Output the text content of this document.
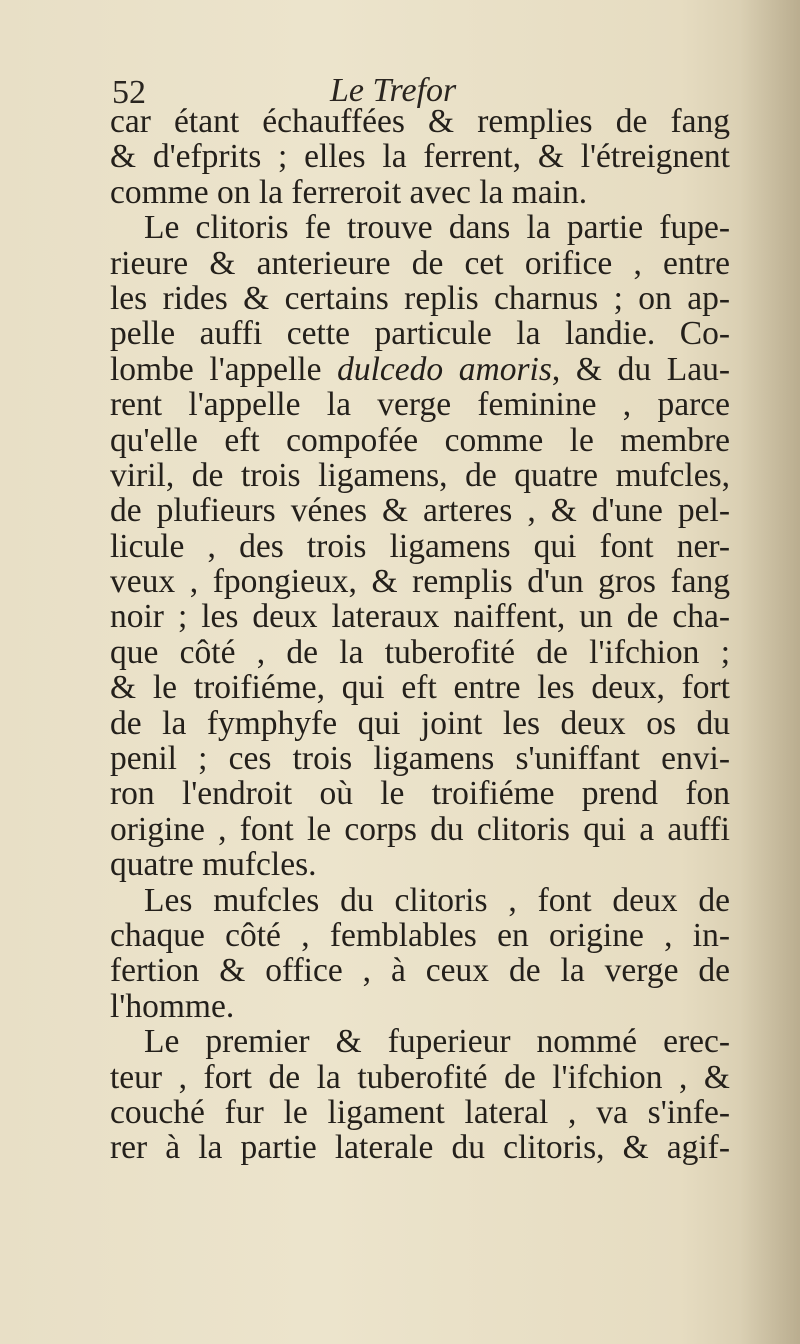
52	Le Trefor
car étant échauffées & remplies de fang
& d'efprits ; elles la ferrent, & l'étreignent
comme on la ferreroit avec la main.
Le clitoris fe trouve dans la partie fupe-
rieure & anterieure de cet orifice , entre
les rides & certains replis charnus ; on ap-
pelle auffi cette particule la landie. Co-
lombe l'appelle dulcedo amoris, & du Lau-
rent l'appelle la verge feminine , parce
qu'elle eft compofée comme le membre
viril, de trois ligamens, de quatre mufcles,
de plufieurs vénes & arteres , & d'une pel-
licule , des trois ligamens qui font ner-
veux , fpongieux, & remplis d'un gros fang
noir ; les deux lateraux naiffent, un de cha-
que côté , de la tuberofité de l'ifchion ;
& le troifiéme, qui eft entre les deux, fort
de la fymphyfe qui joint les deux os du
penil ; ces trois ligamens s'uniffant envi-
ron l'endroit où le troifiéme prend fon
origine , font le corps du clitoris qui a auffi
quatre mufcles.
Les mufcles du clitoris , font deux de
chaque côté , femblables en origine , in-
fertion & office , à ceux de la verge de
l'homme.
Le premier & fuperieur nommé erec-
teur , fort de la tuberofité de l'ifchion , &
couché fur le ligament lateral , va s'infe-
rer à la partie laterale du clitoris, & agif-
